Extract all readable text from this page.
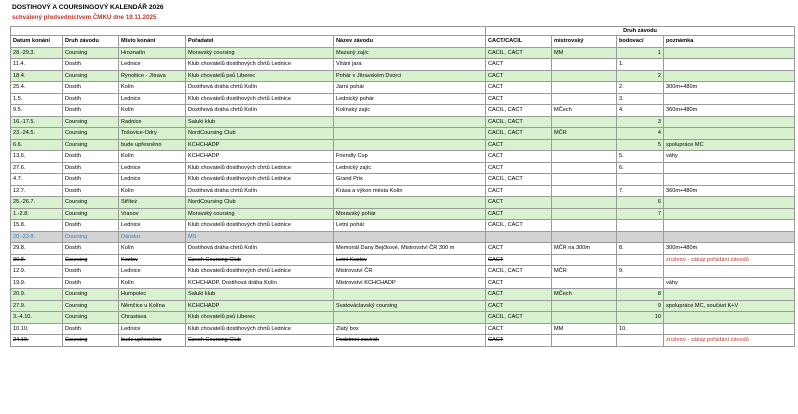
DOSTIHOVÝ A COURSINGOVÝ KALENDÁŘ 2026
schválený předsednictvem ČMKU dne 19.11.2025
					Druh závodu			
Datum konání	Druh závodu	Místo konání	Pořadatel	Název závodu	CACT/CACIL	mistrovský	bodovací	poznámka
28.-29.3.	Coursing	Hroznatín	Moravský coursing	Mazaný zajíc	CACIL, CACT	MM	1	
11.4.	Dostih	Lednice	Klub chovatelů dostihových chrtů Lednice	Vítání jara	CACT		1.	
18.4.	Coursing	Rynoltice - Jítrava	Klub chovatelů psů Liberec	Pohár v Jítravském Dvorci	CACT		2	
25.4.	Dostih	Kolín	Dostihová dráha chrtů Kolín	Jarní pohár	CACT		2.	300m+480m
1.5.	Dostih	Lednice	Klub chovatelů dostihových chrtů Lednice	Lednický pohár	CACT		3.	
9.5.	Dostih	Kolín	Dostihová dráha chrtů Kolín	Kolínský zajíc	CACIL, CACT	MČech	4.	360m+480m
16.-17.5.	Coursing	Radnice	Saluki klub		CACIL, CACT		3	
23.-24.5.	Coursing	Tošovice-Odry	NordCoursing Club		CACIL, CACT	MČR	4	
6.6.	Coursing	bude upřesněno	KCHCHADP		CACT		5	spolupráce MC
13.6.	Dostih	Kolín	KCHCHADP	Friendly Cup	CACT		5.	váhy
27.6.	Dostih	Lednice	Klub chovatelů dostihových chrtů Lednice	Lednický zajíc	CACT		6.	
4.7.	Dostih	Lednice	Klub chovatelů dostihových chrtů Lednice	Grand Prix	CACIL, CACT			
12.7.	Dostih	Kolín	Dostihová dráha chrtů Kolín	Krása a výkon města Kolín	CACT		7.	360m+480m
25.-26.7.	Coursing	Stříteż	NordCoursing Club		CACT		6	
1.-2.8.	Coursing	Vranov	Moravský coursing	Moravský pohár	CACT		7	
15.8.	Dostih	Lednice	Klub chovatelů dostihových chrtů Lednice	Letní pohár	CACIL, CACT			
20.-23.8.	Coursing	Dánsko	MS					
29.8.	Dostih	Kolín	Dostihová dráha chrtů Kolín	Memoriál Dany Bejčkové, Mistrovství ČR 300 m	CACT	MČR na 300m	8.	300m+480m
30.8.	Coursing	Kozlov	Czech Coursing Club	Letní Kozlov	CACT			zrušeno - zákaz pořádání závodů
12.9.	Dostih	Lednice	Klub chovatelů dostihových chrtů Lednice	Mistrovství ČR	CACIL, CACT	MČR	9.	
19.9.	Dostih	Kolín	KCHCHADP, Dostihová dráha Kolín	Mistrovství KCHCHADP	CACT			váhy
20.9.	Coursing	Humpolec	Saluki klub		CACT	MČech	8	
27.9.	Coursing	Němčice u Kolína	KCHCHADP	Svatováclavský coursing	CACT		9	spolupráce MC, součást K+V
3.-4.10.	Coursing	Chrastava	Klub chovatelů psů Liberec		CACIL, CACT		10	
10.10.	Dostih	Lednice	Klub chovatelů dostihových chrtů Lednice	Zlatý box	CACT	MM	10.	
24.10.	Coursing	bude upřesněno	Czech Coursing Club	Podzimní zavírák	CACT			zrušeno - zákaz pořádání závodů
